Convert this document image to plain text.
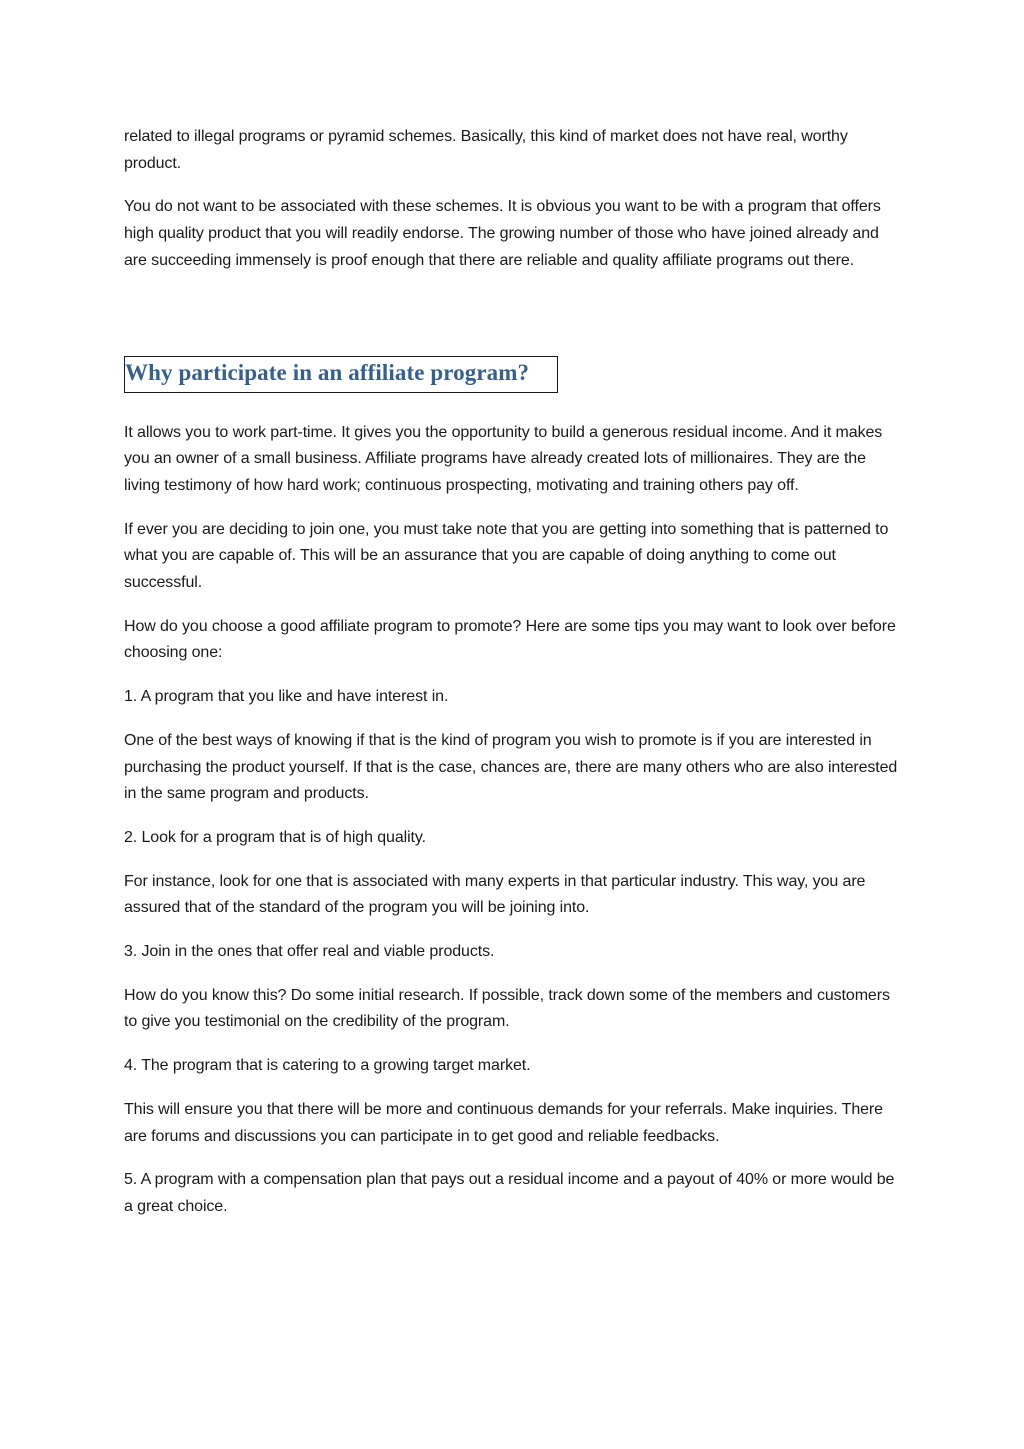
related to illegal programs or pyramid schemes. Basically, this kind of market does not have real, worthy product.

You do not want to be associated with these schemes. It is obvious you want to be with a program that offers high quality product that you will readily endorse. The growing number of those who have joined already and are succeeding immensely is proof enough that there are reliable and quality affiliate programs out there.

Why participate in an affiliate program?

It allows you to work part-time. It gives you the opportunity to build a generous residual income. And it makes you an owner of a small business. Affiliate programs have already created lots of millionaires. They are the living testimony of how hard work; continuous prospecting, motivating and training others pay off.

If ever you are deciding to join one, you must take note that you are getting into something that is patterned to what you are capable of. This will be an assurance that you are capable of doing anything to come out successful.

How do you choose a good affiliate program to promote? Here are some tips you may want to look over before choosing one:

1. A program that you like and have interest in.

One of the best ways of knowing if that is the kind of program you wish to promote is if you are interested in purchasing the product yourself. If that is the case, chances are, there are many others who are also interested in the same program and products.

2. Look for a program that is of high quality.

For instance, look for one that is associated with many experts in that particular industry. This way, you are assured that of the standard of the program you will be joining into.

3. Join in the ones that offer real and viable products.

How do you know this? Do some initial research. If possible, track down some of the members and customers to give you testimonial on the credibility of the program.

4. The program that is catering to a growing target market.

This will ensure you that there will be more and continuous demands for your referrals. Make inquiries. There are forums and discussions you can participate in to get good and reliable feedbacks.

5. A program with a compensation plan that pays out a residual income and a payout of 40% or more would be a great choice.
